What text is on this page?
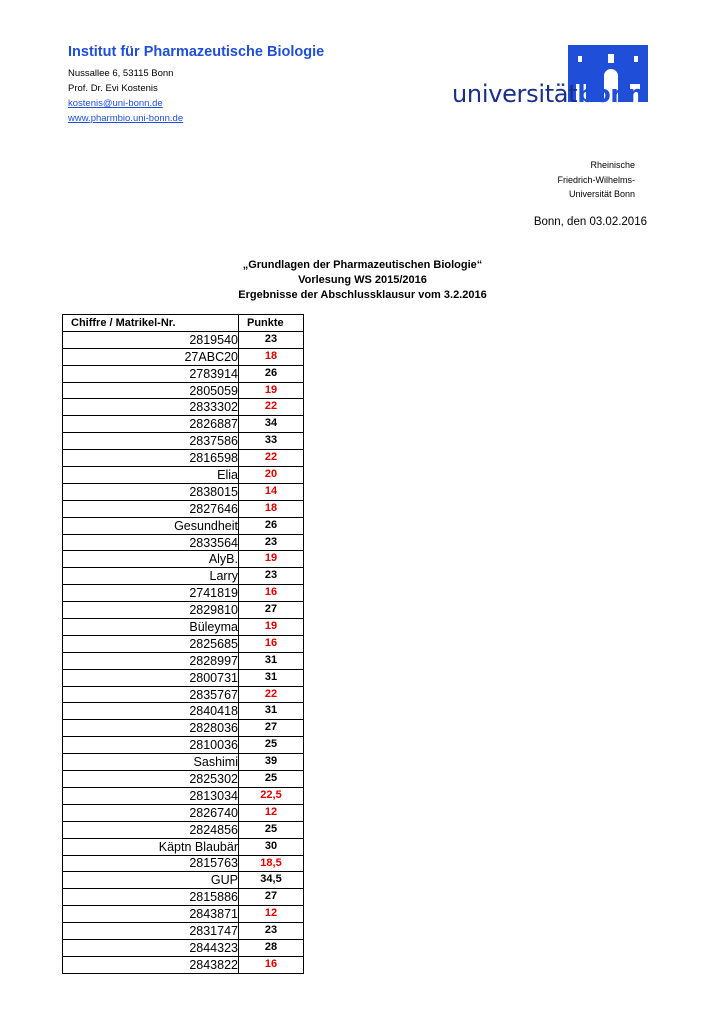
Institut für Pharmazeutische Biologie
Nussallee 6, 53115 Bonn
Prof. Dr. Evi Kostenis
kostenis@uni-bonn.de
www.pharmbio.uni-bonn.de
universitätbonn
Rheinische
Friedrich-Wilhelms-
Universität Bonn
Bonn, den 03.02.2016
„Grundlagen der Pharmazeutischen Biologie“
Vorlesung WS 2015/2016
Ergebnisse der Abschlussklausur vom 3.2.2016
Chiffre / Matrikel-Nr.	Punkte
2819540	23
27ABC20	18
2783914	26
2805059	19
2833302	22
2826887	34
2837586	33
2816598	22
Elia	20
2838015	14
2827646	18
Gesundheit	26
2833564	23
AlyB.	19
Larry	23
2741819	16
2829810	27
Büleyma	19
2825685	16
2828997	31
2800731	31
2835767	22
2840418	31
2828036	27
2810036	25
Sashimi	39
2825302	25
2813034	22,5
2826740	12
2824856	25
Käptn Blaubär	30
2815763	18,5
GUP	34,5
2815886	27
2843871	12
2831747	23
2844323	28
2843822	16
